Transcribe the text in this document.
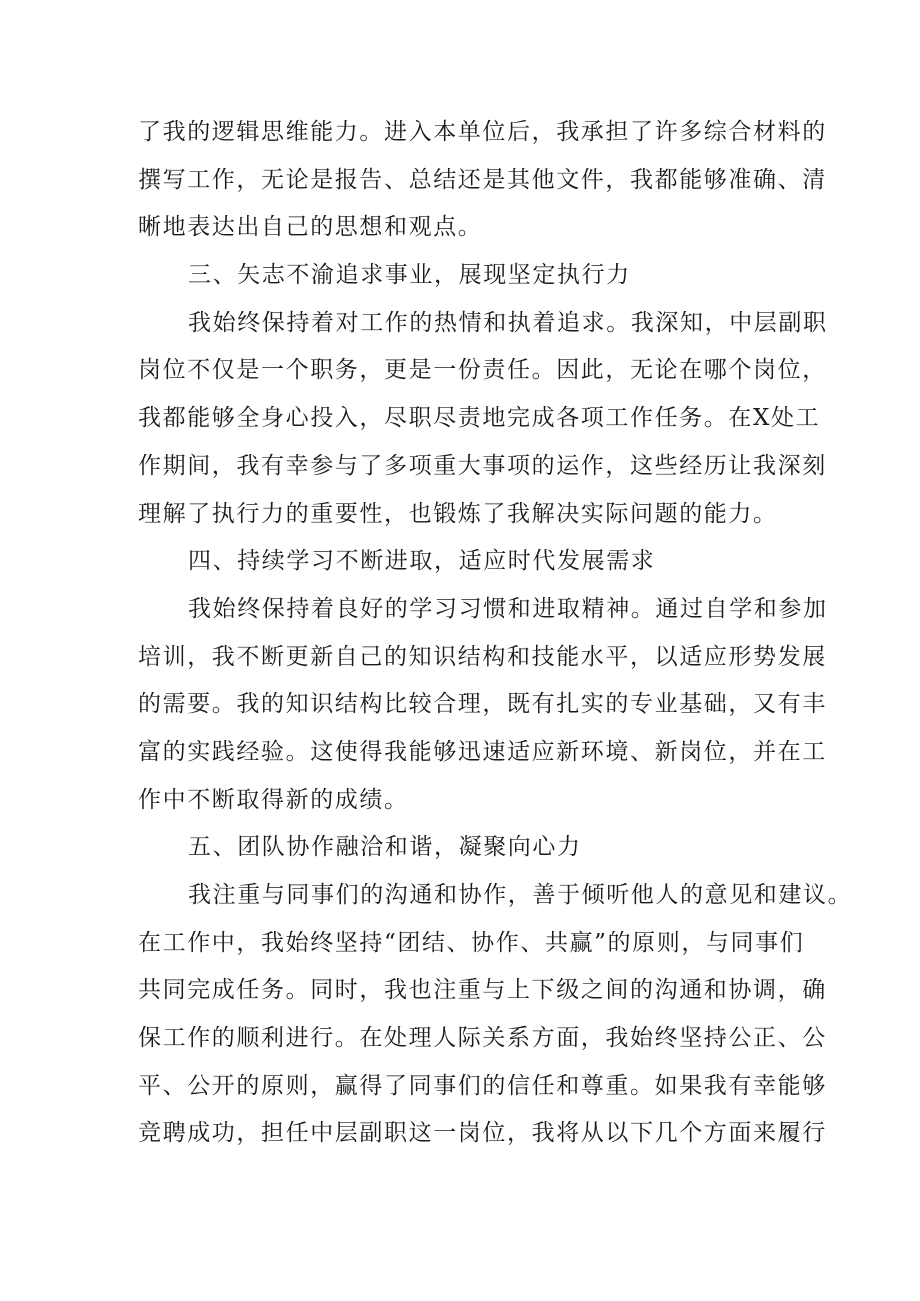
了我的逻辑思维能力。进入本单位后，我承担了许多综合材料的
撰写工作，无论是报告、总结还是其他文件，我都能够准确、清
晰地表达出自己的思想和观点。
三、矢志不渝追求事业，展现坚定执行力
我始终保持着对工作的热情和执着追求。我深知，中层副职
岗位不仅是一个职务，更是一份责任。因此，无论在哪个岗位，
我都能够全身心投入，尽职尽责地完成各项工作任务。在X处工
作期间，我有幸参与了多项重大事项的运作，这些经历让我深刻
理解了执行力的重要性，也锻炼了我解决实际问题的能力。
四、持续学习不断进取，适应时代发展需求
我始终保持着良好的学习习惯和进取精神。通过自学和参加
培训，我不断更新自己的知识结构和技能水平，以适应形势发展
的需要。我的知识结构比较合理，既有扎实的专业基础，又有丰
富的实践经验。这使得我能够迅速适应新环境、新岗位，并在工
作中不断取得新的成绩。
五、团队协作融洽和谐，凝聚向心力
我注重与同事们的沟通和协作，善于倾听他人的意见和建议。
在工作中，我始终坚持“团结、协作、共赢”的原则，与同事们
共同完成任务。同时，我也注重与上下级之间的沟通和协调，确
保工作的顺利进行。在处理人际关系方面，我始终坚持公正、公
平、公开的原则，赢得了同事们的信任和尊重。如果我有幸能够
竞聘成功，担任中层副职这一岗位，我将从以下几个方面来履行
